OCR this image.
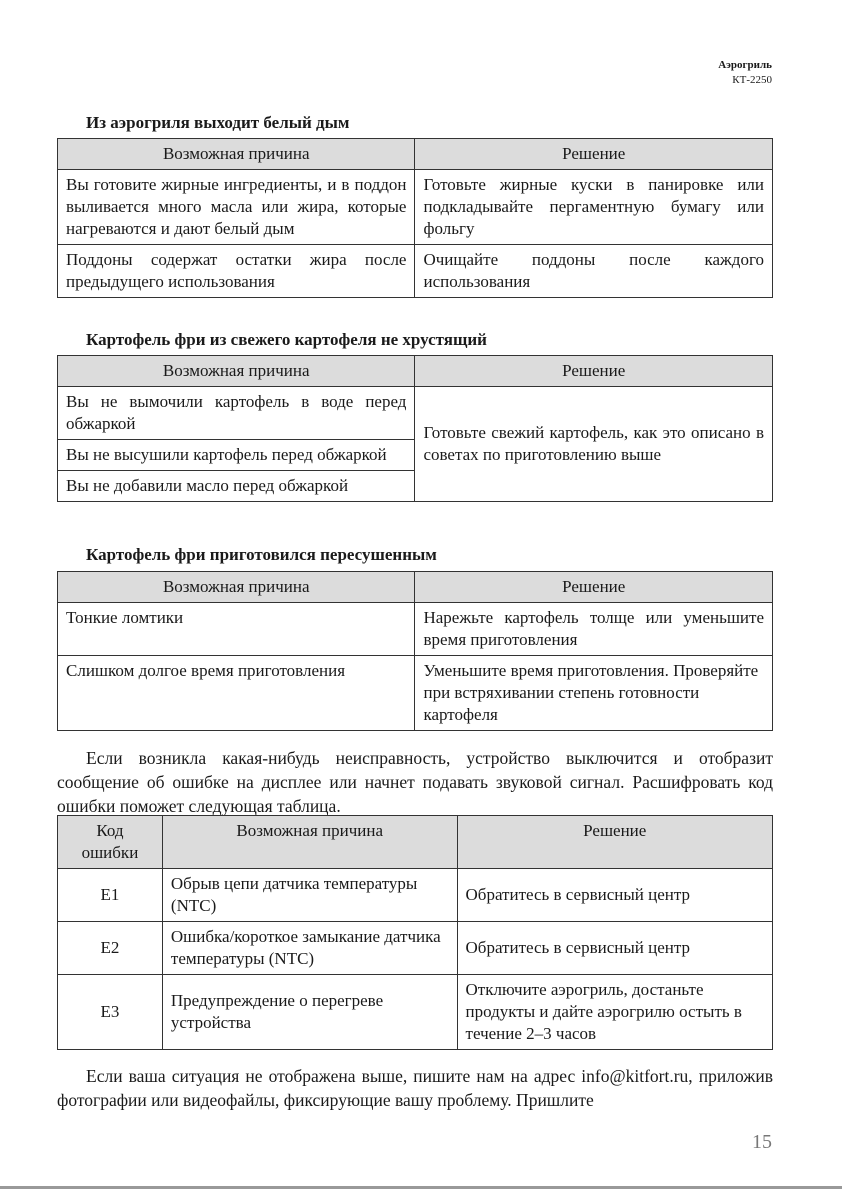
Аэрогриль
КТ-2250
Из аэрогриля выходит белый дым
Возможная причина	Решение
Вы готовите жирные ингредиенты, и в поддон выливается много масла или жира, которые нагреваются и дают белый дым	Готовьте жирные куски в панировке или подкладывайте пергаментную бумагу или фольгу
Поддоны содержат остатки жира после предыдущего использования	Очищайте поддоны после каждого использования
Картофель фри из свежего картофеля не хрустящий
Возможная причина	Решение
Вы не вымочили картофель в воде перед обжаркой	Готовьте свежий картофель, как это описано в советах по приготовлению выше
Вы не высушили картофель перед обжаркой	
Вы не добавили масло перед обжаркой	
Картофель фри приготовился пересушенным
Возможная причина	Решение
Тонкие ломтики	Нарежьте картофель толще или уменьшите время приготовления
Слишком долгое время приготовления	Уменьшите время приготовления. Проверяйте при встряхивании степень готовности картофеля
Если возникла какая-нибудь неисправность, устройство выключится и отобразит сообщение об ошибке на дисплее или начнет подавать звуковой сигнал. Расшифровать код ошибки поможет следующая таблица.
Код ошибки	Возможная причина	Решение
E1	Обрыв цепи датчика температуры (NTC)	Обратитесь в сервисный центр
E2	Ошибка/короткое замыкание датчика температуры (NTC)	Обратитесь в сервисный центр
E3	Предупреждение о перегреве устройства	Отключите аэрогриль, достаньте продукты и дайте аэрогрилю остыть в течение 2–3 часов
Если ваша ситуация не отображена выше, пишите нам на адрес info@kitfort.ru, приложив фотографии или видеофайлы, фиксирующие вашу проблему. Пришлите
15
